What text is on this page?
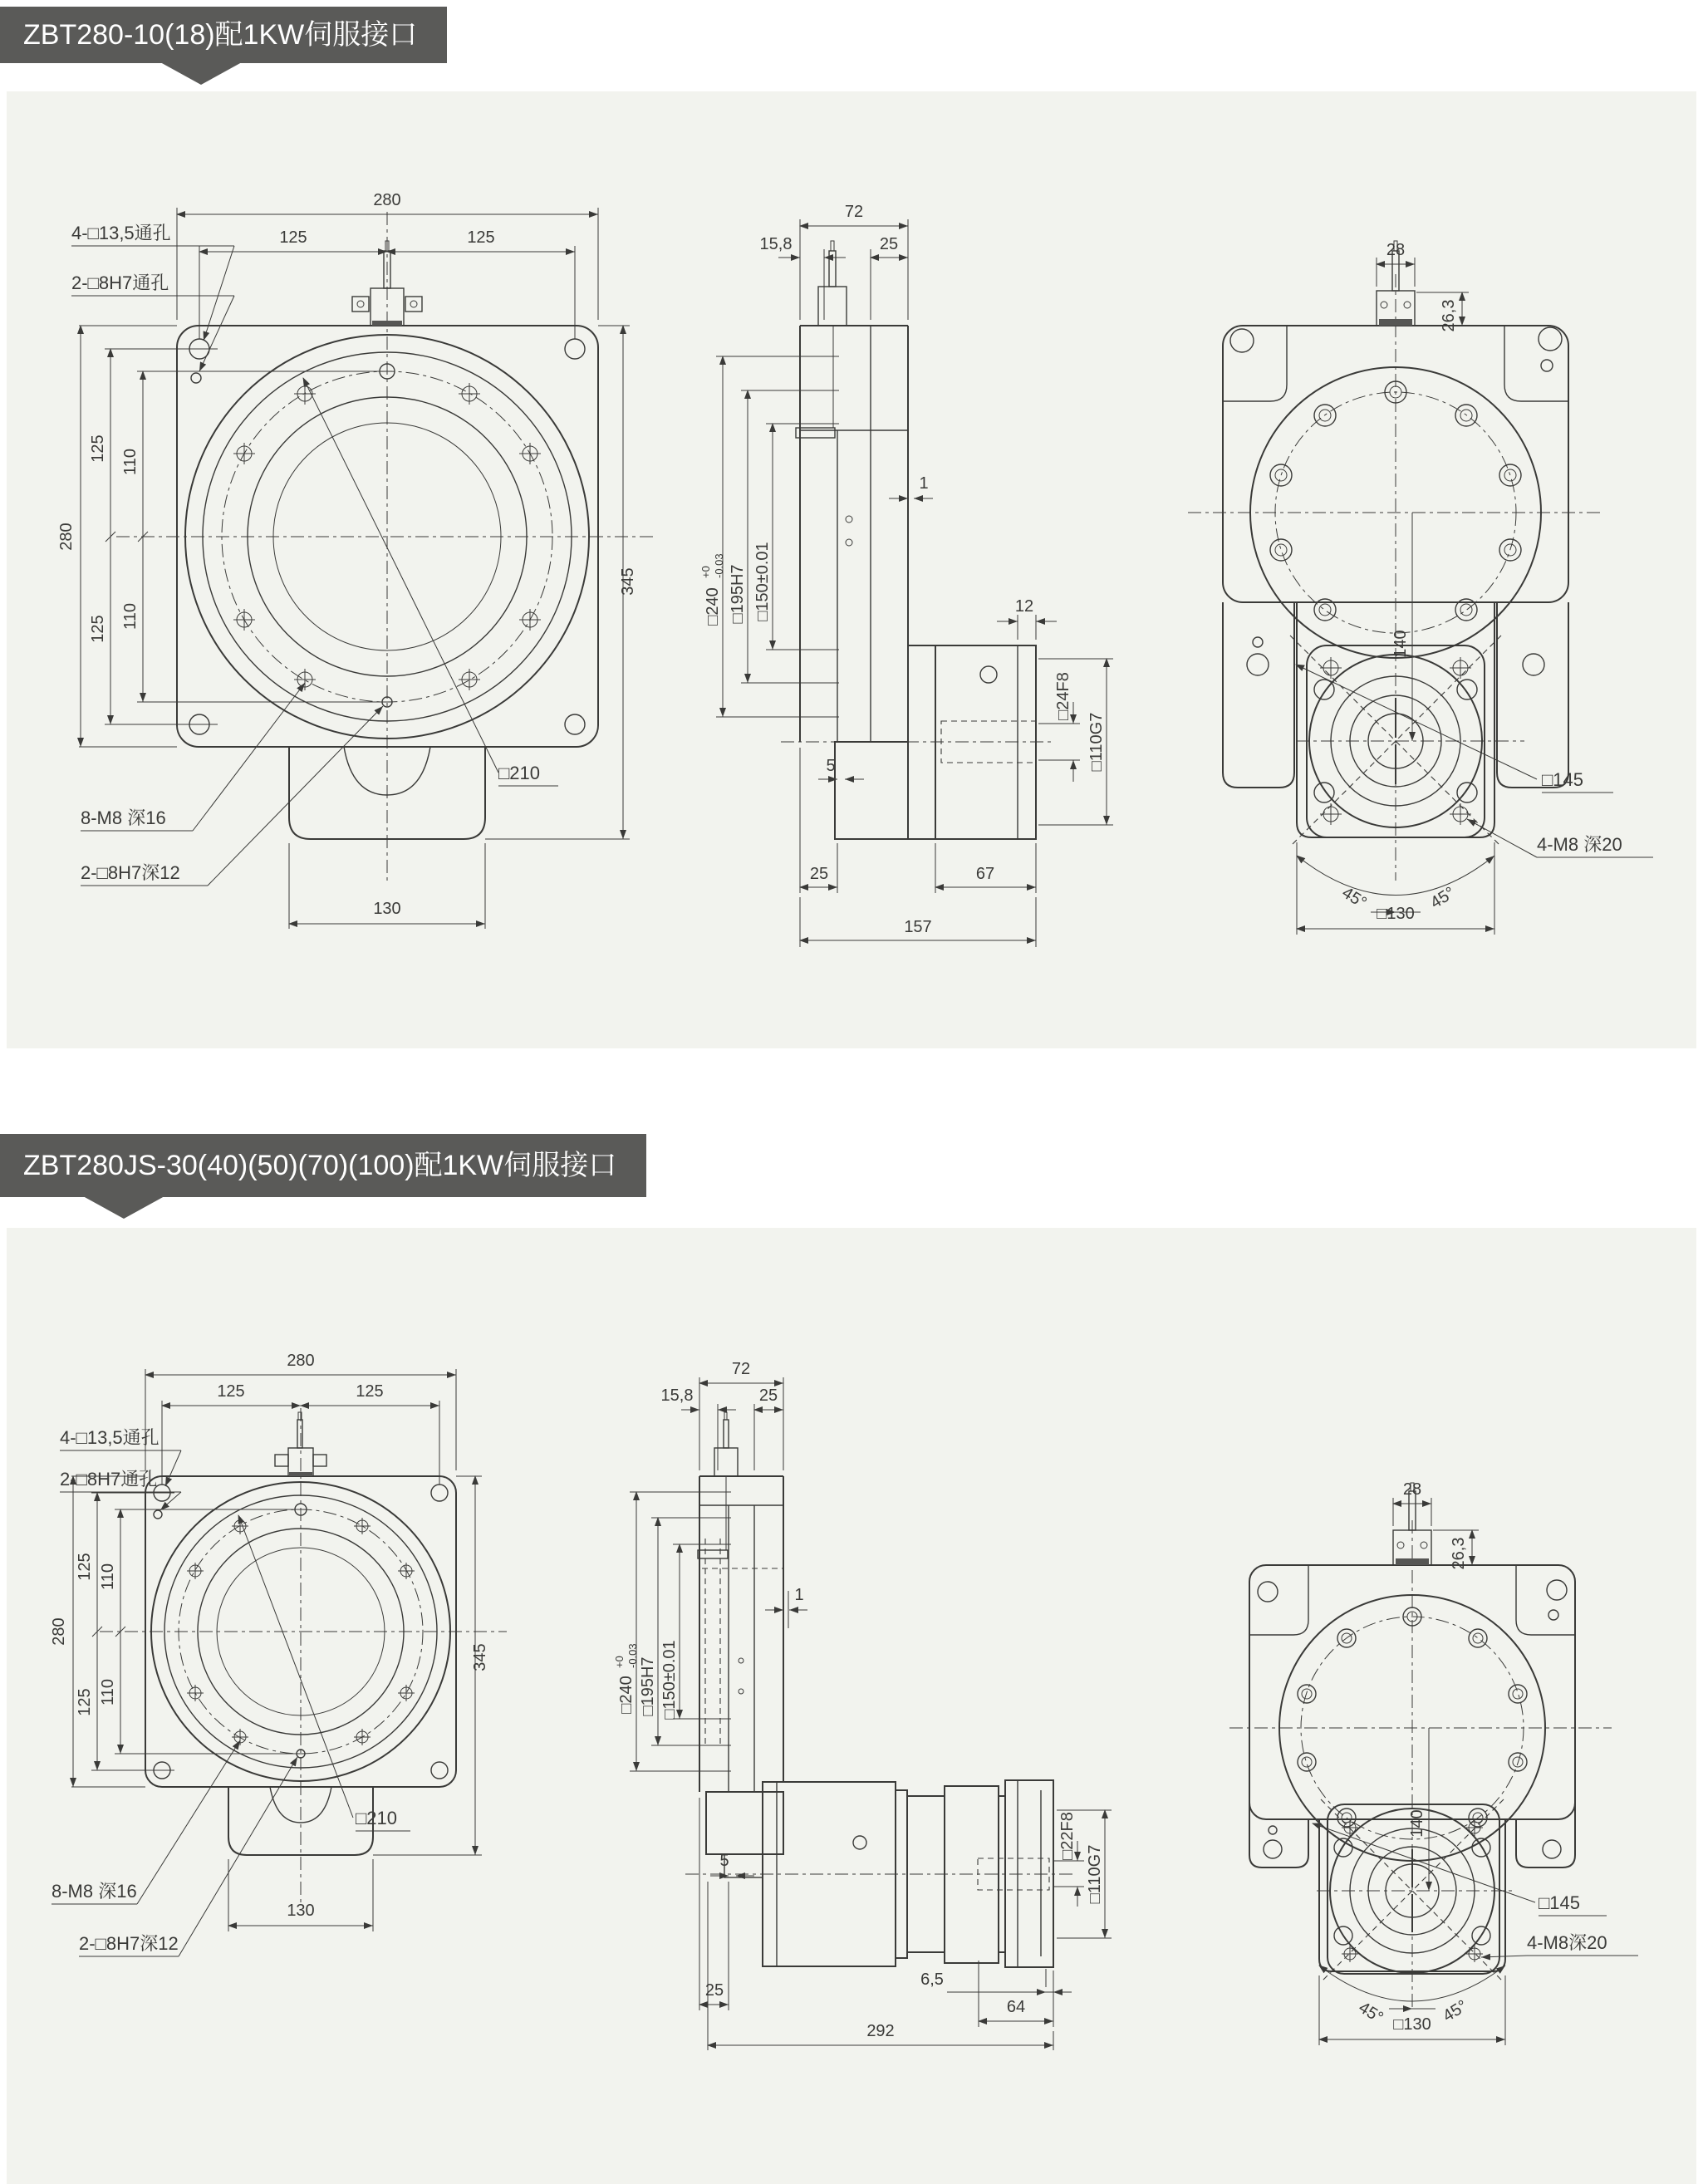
ZBT280-10(18)配1KW伺服接口
ZBT280JS-30(40)(50)(70)(100)配1KW伺服接口
280
125	125
280
125
125
110
110
345
130
4-□13,5通孔
2-□8H7通孔
8-M8 深16
2-□8H7深12
□210
72
15,8	25
1
□240
+0 -0.03 □195H7 □150±0.01	12
□24F8
□110G7
5
25	67
157
28
26,3
140
□145
4-M8 深20
45°	45°
□130
280
125	125
280
125
125
110
110
345
130
4-□13,5通孔
2-□8H7通孔
8-M8 深16
2-□8H7深12
□210
72
15,8	25
1
□240
+0 -0.03
□195H7 □150±0.01
5
25
6,5
64
292
□22F8
□110G7
28
26,3
140
□145
4-M8深20
45°	45°
□130
